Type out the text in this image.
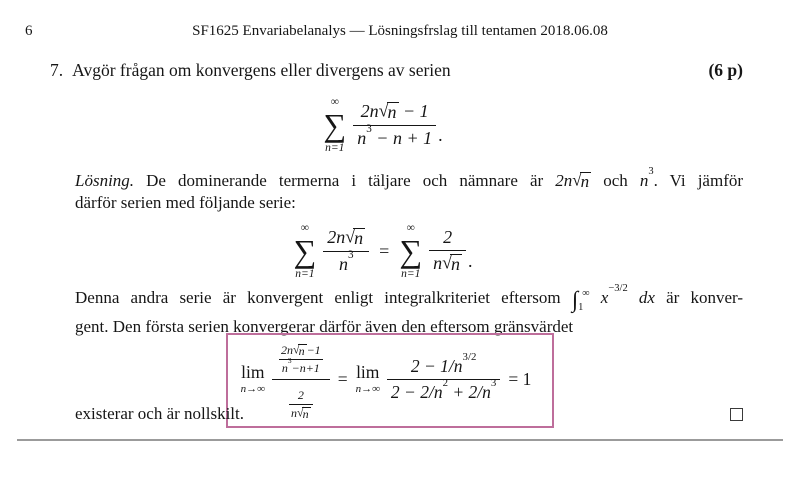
6	SF1625 Envariabelanalys — Lösningsfrslag till tentamen 2018.06.08
7. Avgör frågan om konvergens eller divergens av serien	(6 p)
∞
∑
$n=1 \frac{2n √ n - 1}{n^3 - n + 1}$ .
Lösning. De dominerande termerna i täljare och nämnare är 2n √ n och $n^3$. Vi jämför
därför serien med följande serie:
∞
∑
$n=1 \frac{2n √ n}{n^3}$ =
∞
∑
$n=1 \frac{2}{n √ n}$ .
Denna andra serie är konvergent enligt integralkriteriet eftersom ∫ ∞
1	$x^{-3/2}$ dx är konver-
gent. Den första serien konvergerar därför även den eftersom gränsvärdet
lim
$n\to\infty \frac{\frac{2n √ n -1}{n^3-n+1}}{\frac{2}{n √ n}} = \lim$
$n\to\infty \frac{2 - 1/n^{3/2}}{2 - 2/n^2 + 2/n^3} = 1$
existerar och är nollskilt.
